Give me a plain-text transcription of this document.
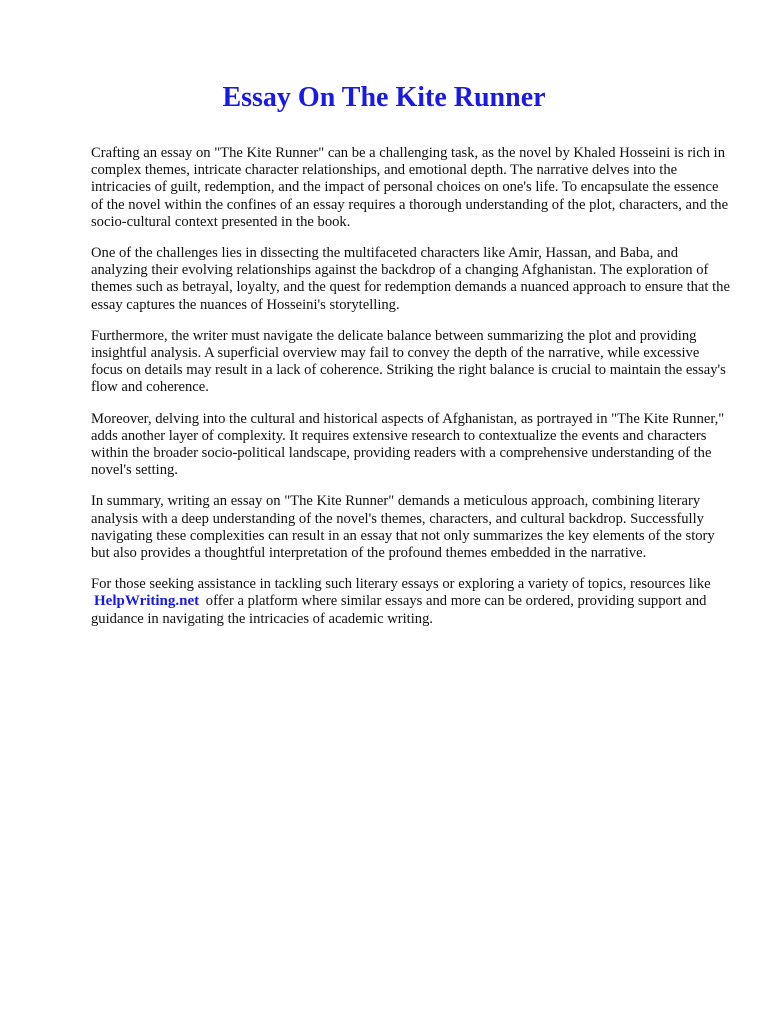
Essay On The Kite Runner

Crafting an essay on "The Kite Runner" can be a challenging task, as the novel by Khaled Hosseini is rich in complex themes, intricate character relationships, and emotional depth. The narrative delves into the intricacies of guilt, redemption, and the impact of personal choices on one's life. To encapsulate the essence of the novel within the confines of an essay requires a thorough understanding of the plot, characters, and the socio-cultural context presented in the book.

One of the challenges lies in dissecting the multifaceted characters like Amir, Hassan, and Baba, and analyzing their evolving relationships against the backdrop of a changing Afghanistan. The exploration of themes such as betrayal, loyalty, and the quest for redemption demands a nuanced approach to ensure that the essay captures the nuances of Hosseini's storytelling.

Furthermore, the writer must navigate the delicate balance between summarizing the plot and providing insightful analysis. A superficial overview may fail to convey the depth of the narrative, while excessive focus on details may result in a lack of coherence. Striking the right balance is crucial to maintain the essay's flow and coherence.

Moreover, delving into the cultural and historical aspects of Afghanistan, as portrayed in "The Kite Runner," adds another layer of complexity. It requires extensive research to contextualize the events and characters within the broader socio-political landscape, providing readers with a comprehensive understanding of the novel's setting.

In summary, writing an essay on "The Kite Runner" demands a meticulous approach, combining literary analysis with a deep understanding of the novel's themes, characters, and cultural backdrop. Successfully navigating these complexities can result in an essay that not only summarizes the key elements of the story but also provides a thoughtful interpretation of the profound themes embedded in the narrative.

For those seeking assistance in tackling such literary essays or exploring a variety of topics, resources like HelpWriting.net offer a platform where similar essays and more can be ordered, providing support and guidance in navigating the intricacies of academic writing.
